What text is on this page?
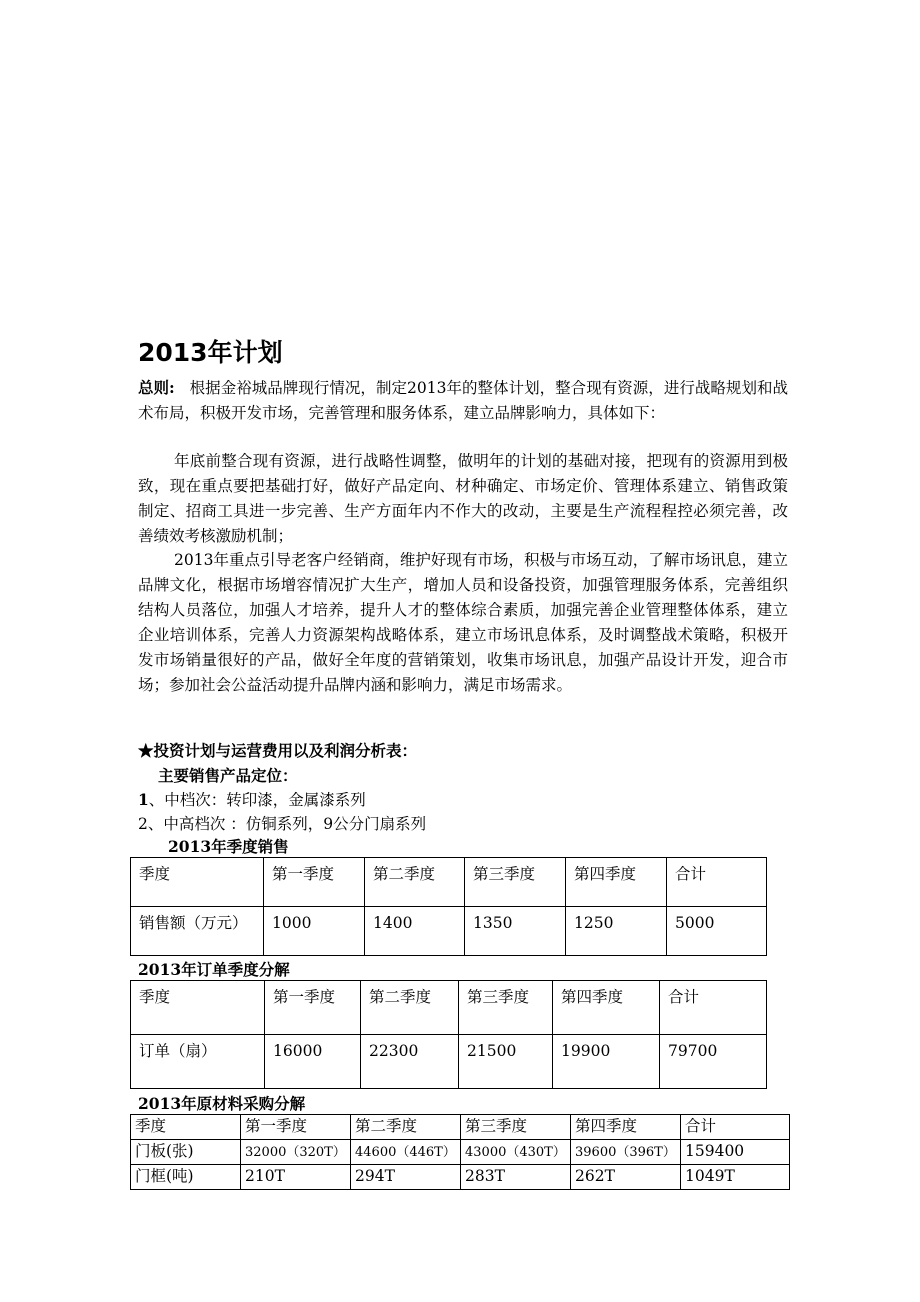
2013年计划
总则: 根据金裕城品牌现行情况，制定2013年的整体计划，整合现有资源，进行战略规划和战术布局，积极开发市场，完善管理和服务体系，建立品牌影响力，具体如下：
年底前整合现有资源，进行战略性调整，做明年的计划的基础对接，把现有的资源用到极致，现在重点要把基础打好，做好产品定向、材种确定、市场定价、管理体系建立、销售政策制定、招商工具进一步完善、生产方面年内不作大的改动，主要是生产流程程控必须完善，改善绩效考核激励机制；
2013年重点引导老客户经销商，维护好现有市场，积极与市场互动，了解市场讯息，建立品牌文化，根据市场增容情况扩大生产，增加人员和设备投资，加强管理服务体系，完善组织结构人员落位，加强人才培养，提升人才的整体综合素质，加强完善企业管理整体体系，建立企业培训体系，完善人力资源架构战略体系，建立市场讯息体系，及时调整战术策略，积极开发市场销量很好的产品，做好全年度的营销策划，收集市场讯息，加强产品设计开发，迎合市场；参加社会公益活动提升品牌内涵和影响力，满足市场需求。
★投资计划与运营费用以及利润分析表：
主要销售产品定位：
1、中档次：转印漆，金属漆系列
2、中高档次 ：仿铜系列，9公分门扇系列
2013年季度销售
季度	第一季度	第二季度	第三季度	第四季度	合计
销售额（万元）	1000	1400	1350	1250	5000
2013年订单季度分解
季度	第一季度	第二季度	第三季度	第四季度	合计
订单（扇）	16000	22300	21500	19900	79700
2013年原材料采购分解
季度	第一季度	第二季度	第三季度	第四季度	合计
门板(张)	32000（320T）	44600（446T）	43000（430T）	39600（396T）	159400
门框(吨)	210T	294T	283T	262T	1049T
